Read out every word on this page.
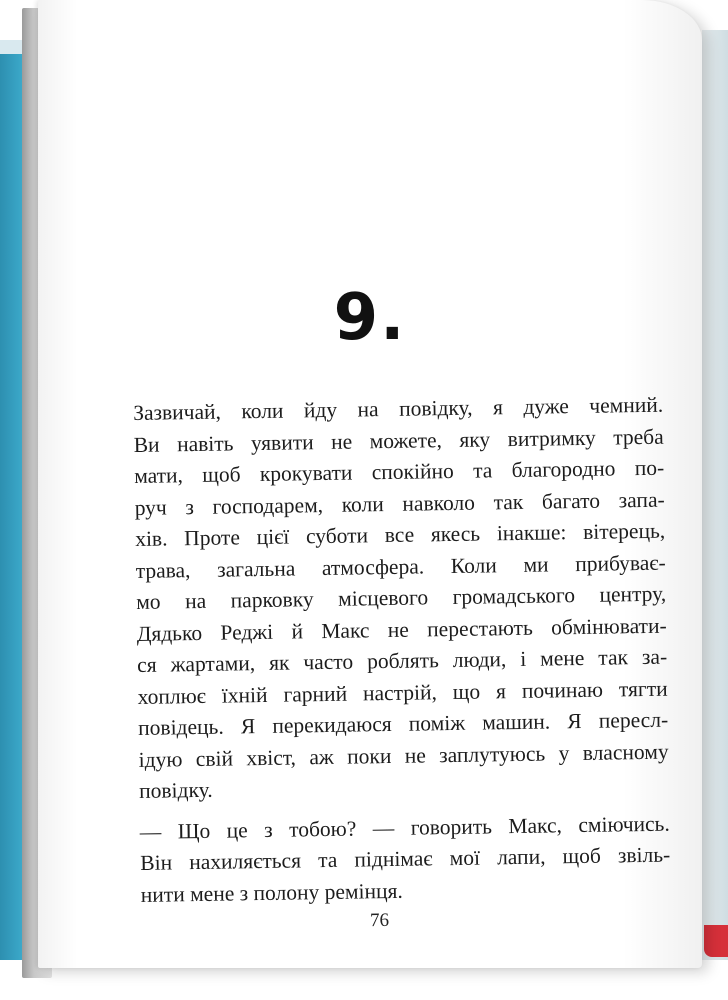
9.
Зазвичай, коли йду на повідку, я дуже чемний.
Ви навіть уявити не можете, яку витримку треба
мати, щоб крокувати спокійно та благородно по-
руч з господарем, коли навколо так багато запа-
хів. Проте цієї суботи все якесь інакше: вітерець,
трава, загальна атмосфера. Коли ми прибуває-
мо на парковку місцевого громадського центру,
Дядько Реджі й Макс не перестають обмінювати-
ся жартами, як часто роблять люди, і мене так за-
хоплює їхній гарний настрій, що я починаю тягти
повідець. Я перекидаюся поміж машин. Я пересл-
ідую свій хвіст, аж поки не заплутуюсь у власному
повідку.
— Що це з тобою? — говорить Макс, сміючись.
Він нахиляється та піднімає мої лапи, щоб звіль-
нити мене з полону ремінця.
76
